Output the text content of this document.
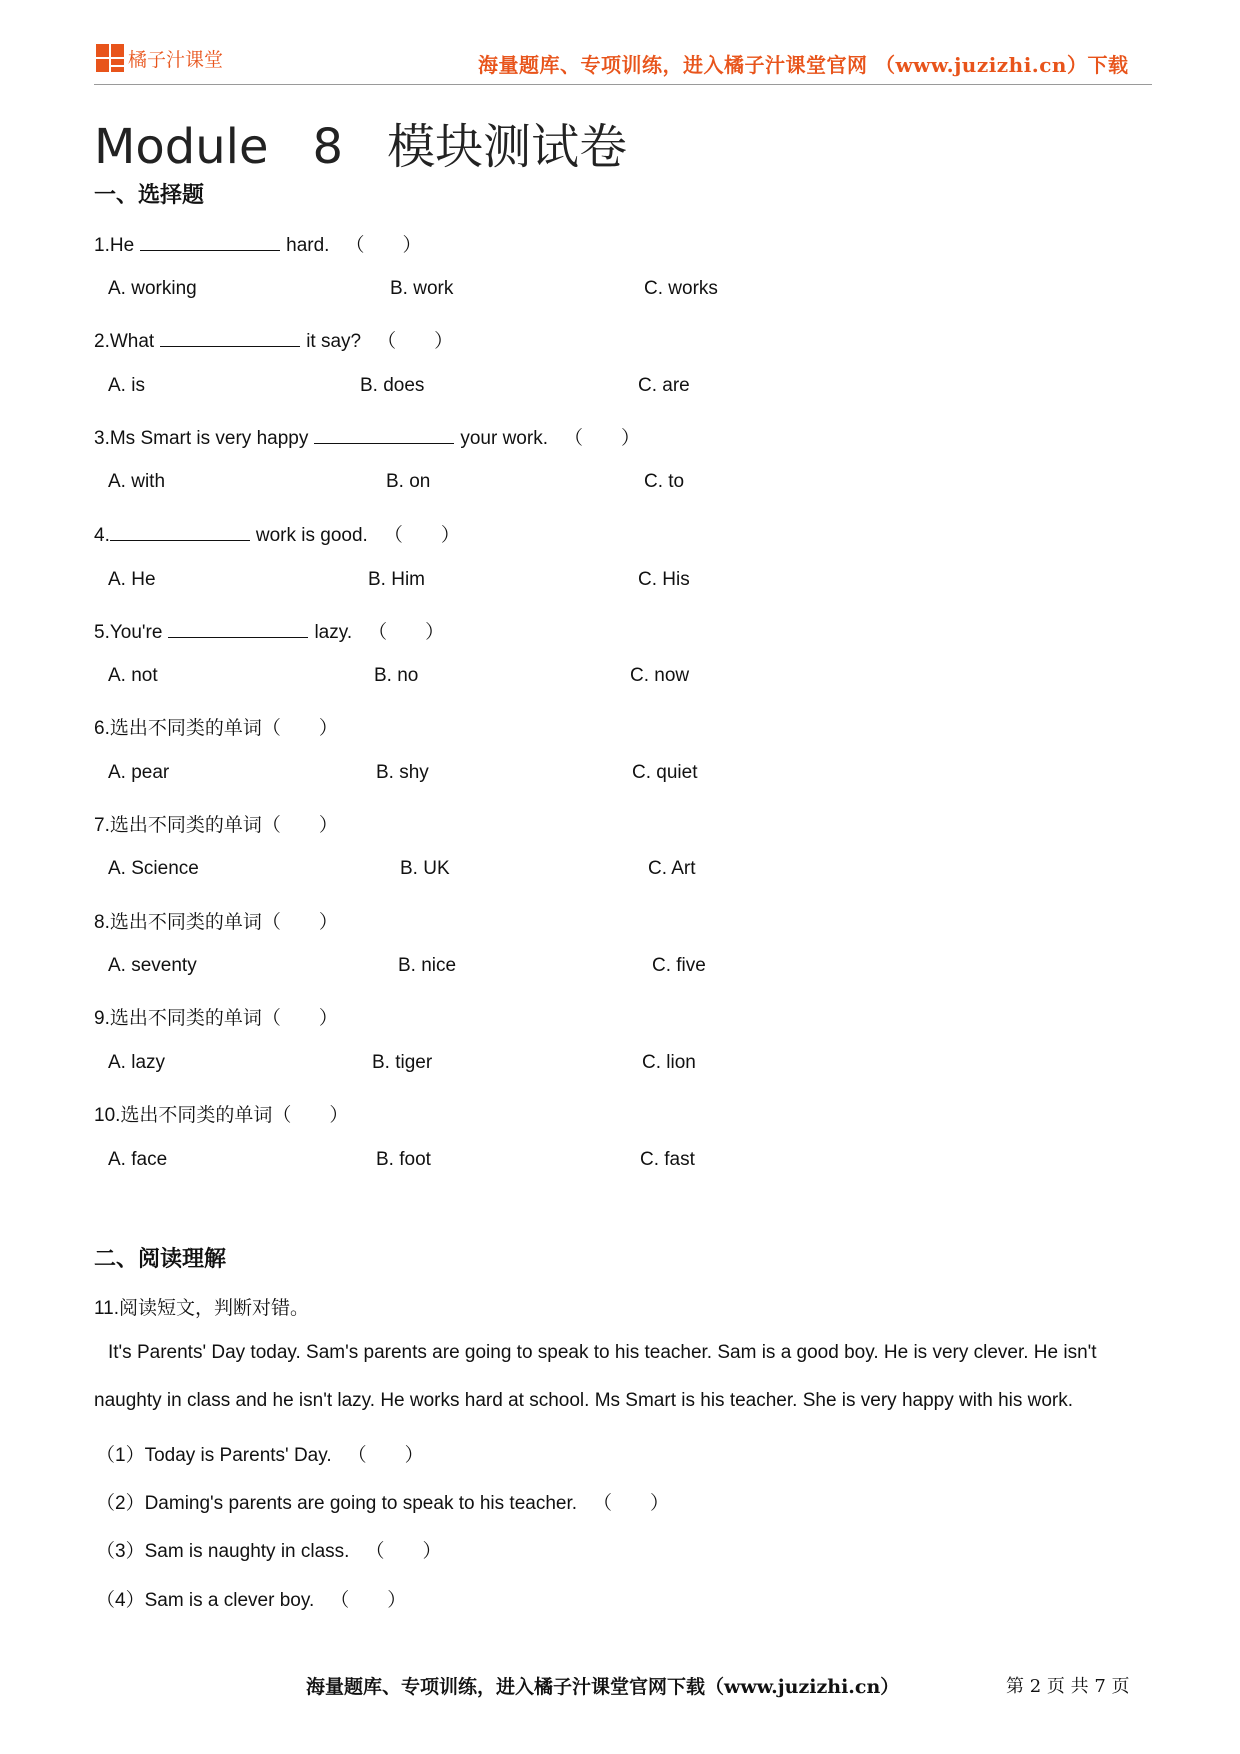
橘子汁课堂	海量题库、专项训练，进入橘子汁课堂官网 （www.juzizhi.cn）下载
Module 8 模块测试卷
一、选择题
1.He	hard. （　　）
A. working	B. work	C. works
2.What	it say? （　　）
A. is	B. does	C. are
3.Ms Smart is very happy	your work. （　　）
A. with	B. on	C. to
4.	work is good. （　　）
A. He	B. Him	C. His
5.You're	lazy. （　　）
A. not	B. no	C. now
6.选出不同类的单词（　　）
A. pear	B. shy	C. quiet
7.选出不同类的单词（　　）
A. Science	B. UK	C. Art
8.选出不同类的单词（　　）
A. seventy	B. nice	C. five
9.选出不同类的单词（　　）
A. lazy	B. tiger	C. lion
10.选出不同类的单词（　　）
A. face	B. foot	C. fast
二、阅读理解
11.阅读短文，判断对错。
It's Parents' Day today. Sam's parents are going to speak to his teacher. Sam is a good boy. He is very clever. He isn't
naughty in class and he isn't lazy. He works hard at school. Ms Smart is his teacher. She is very happy with his work.
（1）Today is Parents' Day. （　　）
（2）Daming's parents are going to speak to his teacher. （　　）
（3）Sam is naughty in class. （　　）
（4）Sam is a clever boy. （　　）
海量题库、专项训练，进入橘子汁课堂官网下载（www.juzizhi.cn）	第 2 页 共 7 页
